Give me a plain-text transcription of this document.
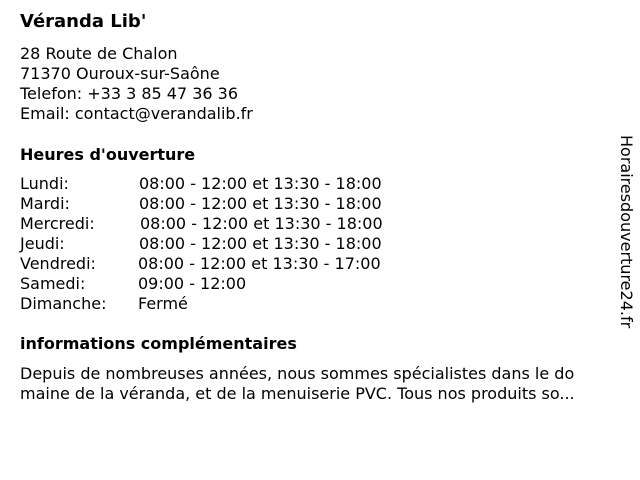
Véranda Lib'
28 Route de Chalon
71370 Ouroux-sur-Saône
Telefon: +33 3 85 47 36 36
Email: contact@verandalib.fr
Heures d'ouverture
Lundi:	08:00 - 12:00 et 13:30 - 18:00
Mardi:	08:00 - 12:00 et 13:30 - 18:00
Mercredi:	08:00 - 12:00 et 13:30 - 18:00
Jeudi:	08:00 - 12:00 et 13:30 - 18:00
Vendredi:	08:00 - 12:00 et 13:30 - 17:00
Samedi:	09:00 - 12:00
Dimanche: Fermé
informations complémentaires
Depuis de nombreuses années, nous sommes spécialistes dans le do
maine de la véranda, et de la menuiserie PVC. Tous nos produits so...
Horairesdouverture24.fr
